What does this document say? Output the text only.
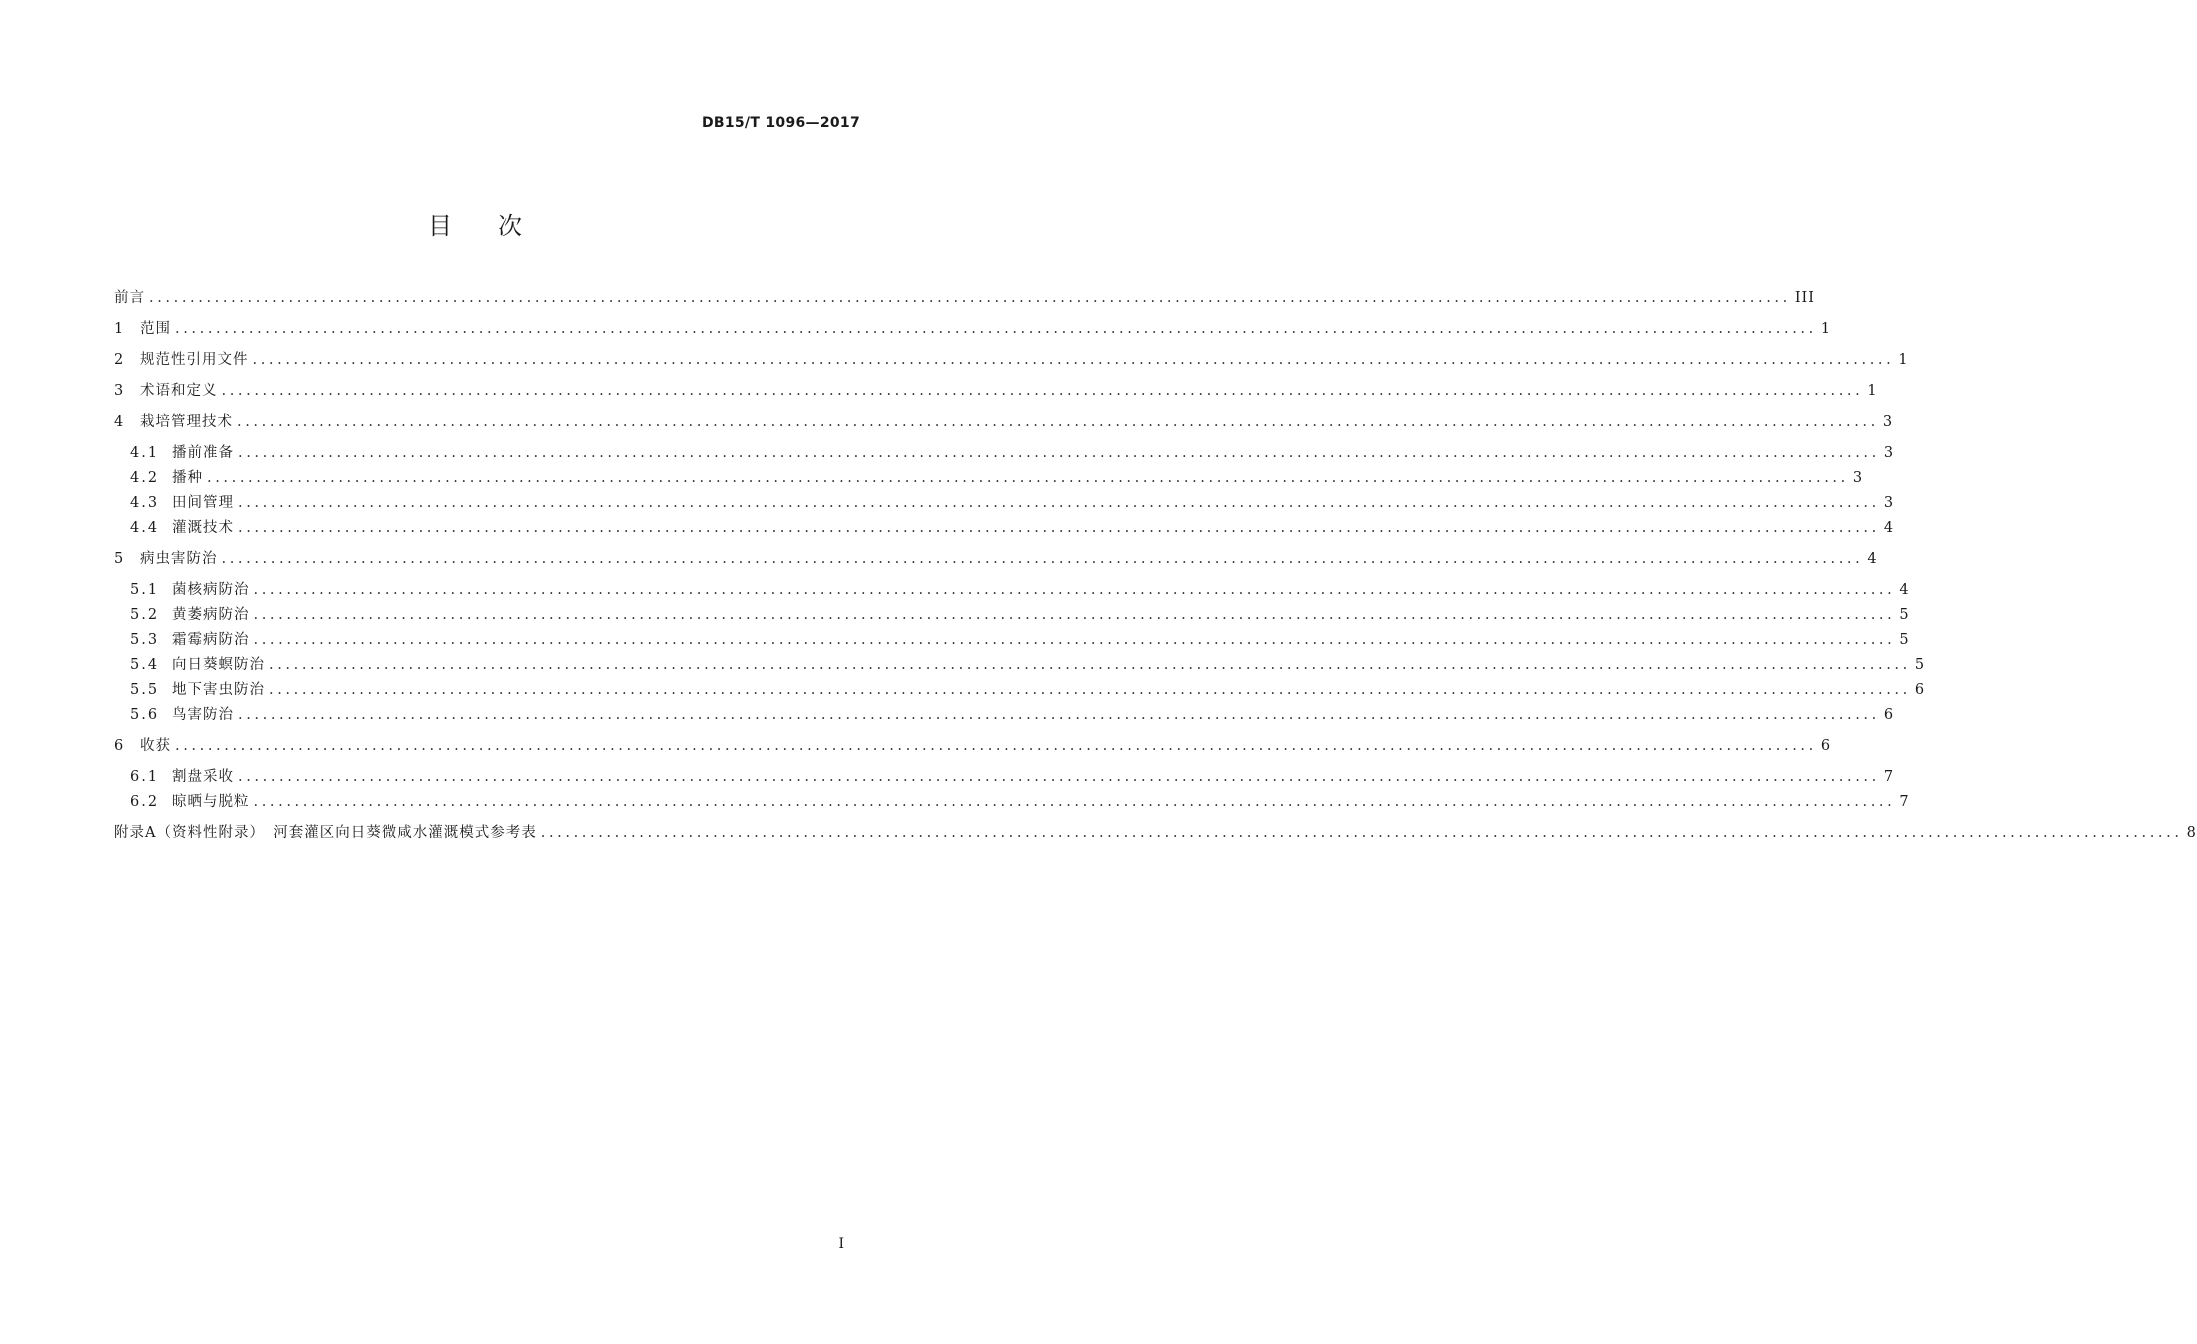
DB15/T 1096—2017
目次
前言 ........................................................................................................................................................................................................ III
1	范围 ........................................................................................................................................................................................................ 1
2	规范性引用文件 ........................................................................................................................................................................................................ 1
3	术语和定义 ........................................................................................................................................................................................................ 1
4	栽培管理技术 ........................................................................................................................................................................................................ 3
4.1 播前准备 ........................................................................................................................................................................................................ 3
4.2 播种 ........................................................................................................................................................................................................ 3
4.3 田间管理 ........................................................................................................................................................................................................ 3
4.4 灌溉技术 ........................................................................................................................................................................................................ 4
5	病虫害防治 ........................................................................................................................................................................................................ 4
5.1 菌核病防治 ........................................................................................................................................................................................................ 4
5.2 黄萎病防治 ........................................................................................................................................................................................................ 5
5.3 霜霉病防治 ........................................................................................................................................................................................................ 5
5.4 向日葵螟防治 ........................................................................................................................................................................................................ 5
5.5 地下害虫防治 ........................................................................................................................................................................................................ 6
5.6 鸟害防治 ........................................................................................................................................................................................................ 6
6	收获 ........................................................................................................................................................................................................ 6
6.1 割盘采收 ........................................................................................................................................................................................................ 7
6.2 晾晒与脱粒 ........................................................................................................................................................................................................ 7
附录A（资料性附录）　河套灌区向日葵微咸水灌溉模式参考表 ........................................................................................................................................................................................................ 8
I
